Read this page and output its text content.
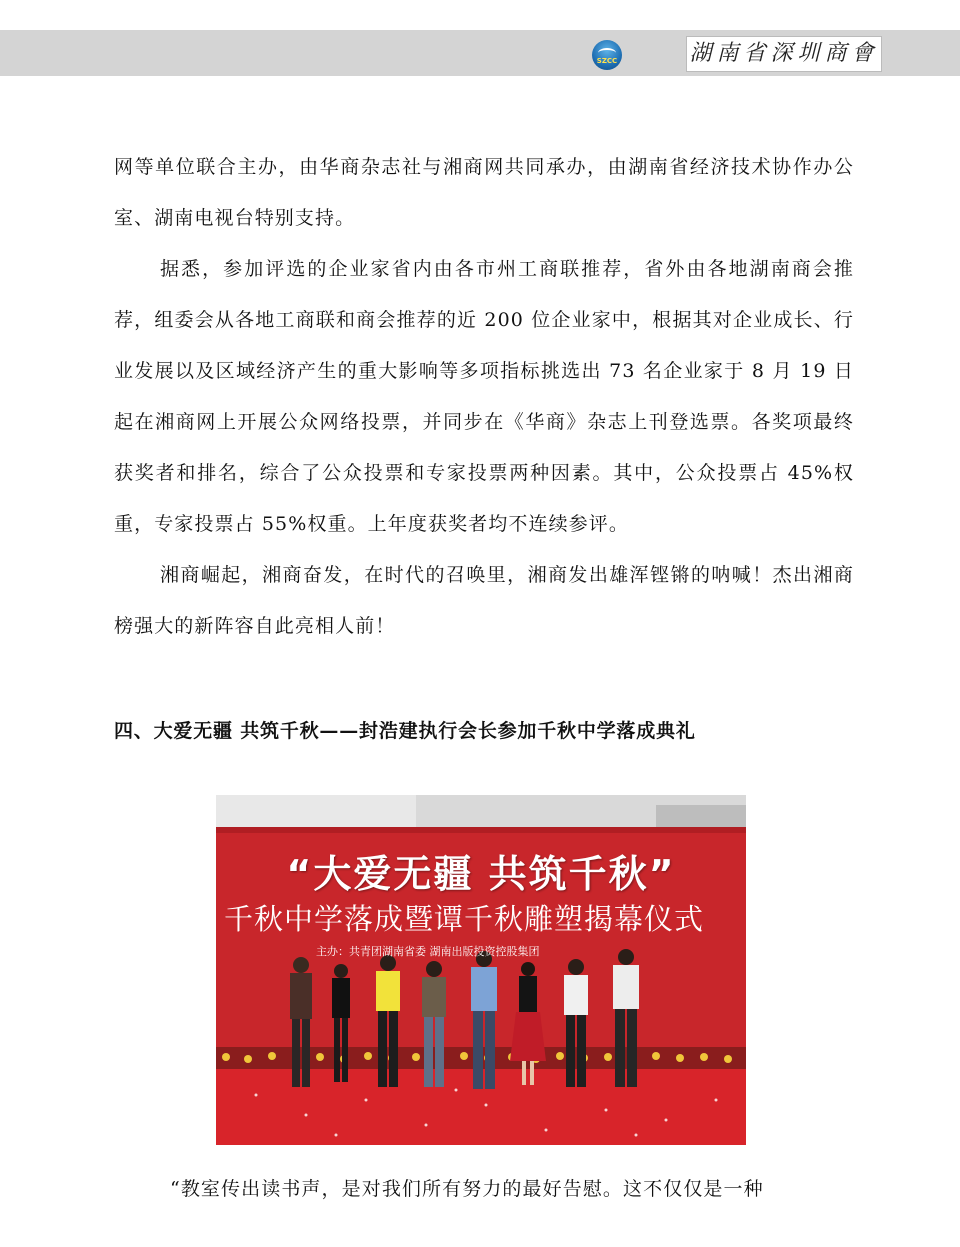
SZCC	湖南省深圳商會

网等单位联合主办，由华商杂志社与湘商网共同承办，由湖南省经济技术协作办公室、湖南电视台特别支持。

据悉，参加评选的企业家省内由各市州工商联推荐，省外由各地湖南商会推荐，组委会从各地工商联和商会推荐的近 200 位企业家中，根据其对企业成长、行业发展以及区域经济产生的重大影响等多项指标挑选出 73 名企业家于 8 月 19 日起在湘商网上开展公众网络投票，并同步在《华商》杂志上刊登选票。各奖项最终获奖者和排名，综合了公众投票和专家投票两种因素。其中，公众投票占 45%权重，专家投票占 55%权重。上年度获奖者均不连续参评。

湘商崛起，湘商奋发，在时代的召唤里，湘商发出雄浑铿锵的呐喊！杰出湘商榜强大的新阵容自此亮相人前！

四、大爱无疆 共筑千秋——封浩建执行会长参加千秋中学落成典礼
“大爱无疆 共筑千秋”
千秋中学落成暨谭千秋雕塑揭幕仪式
主办：共青团湖南省委 湖南出版投资控股集团
“教室传出读书声，是对我们所有努力的最好告慰。这不仅仅是一种
